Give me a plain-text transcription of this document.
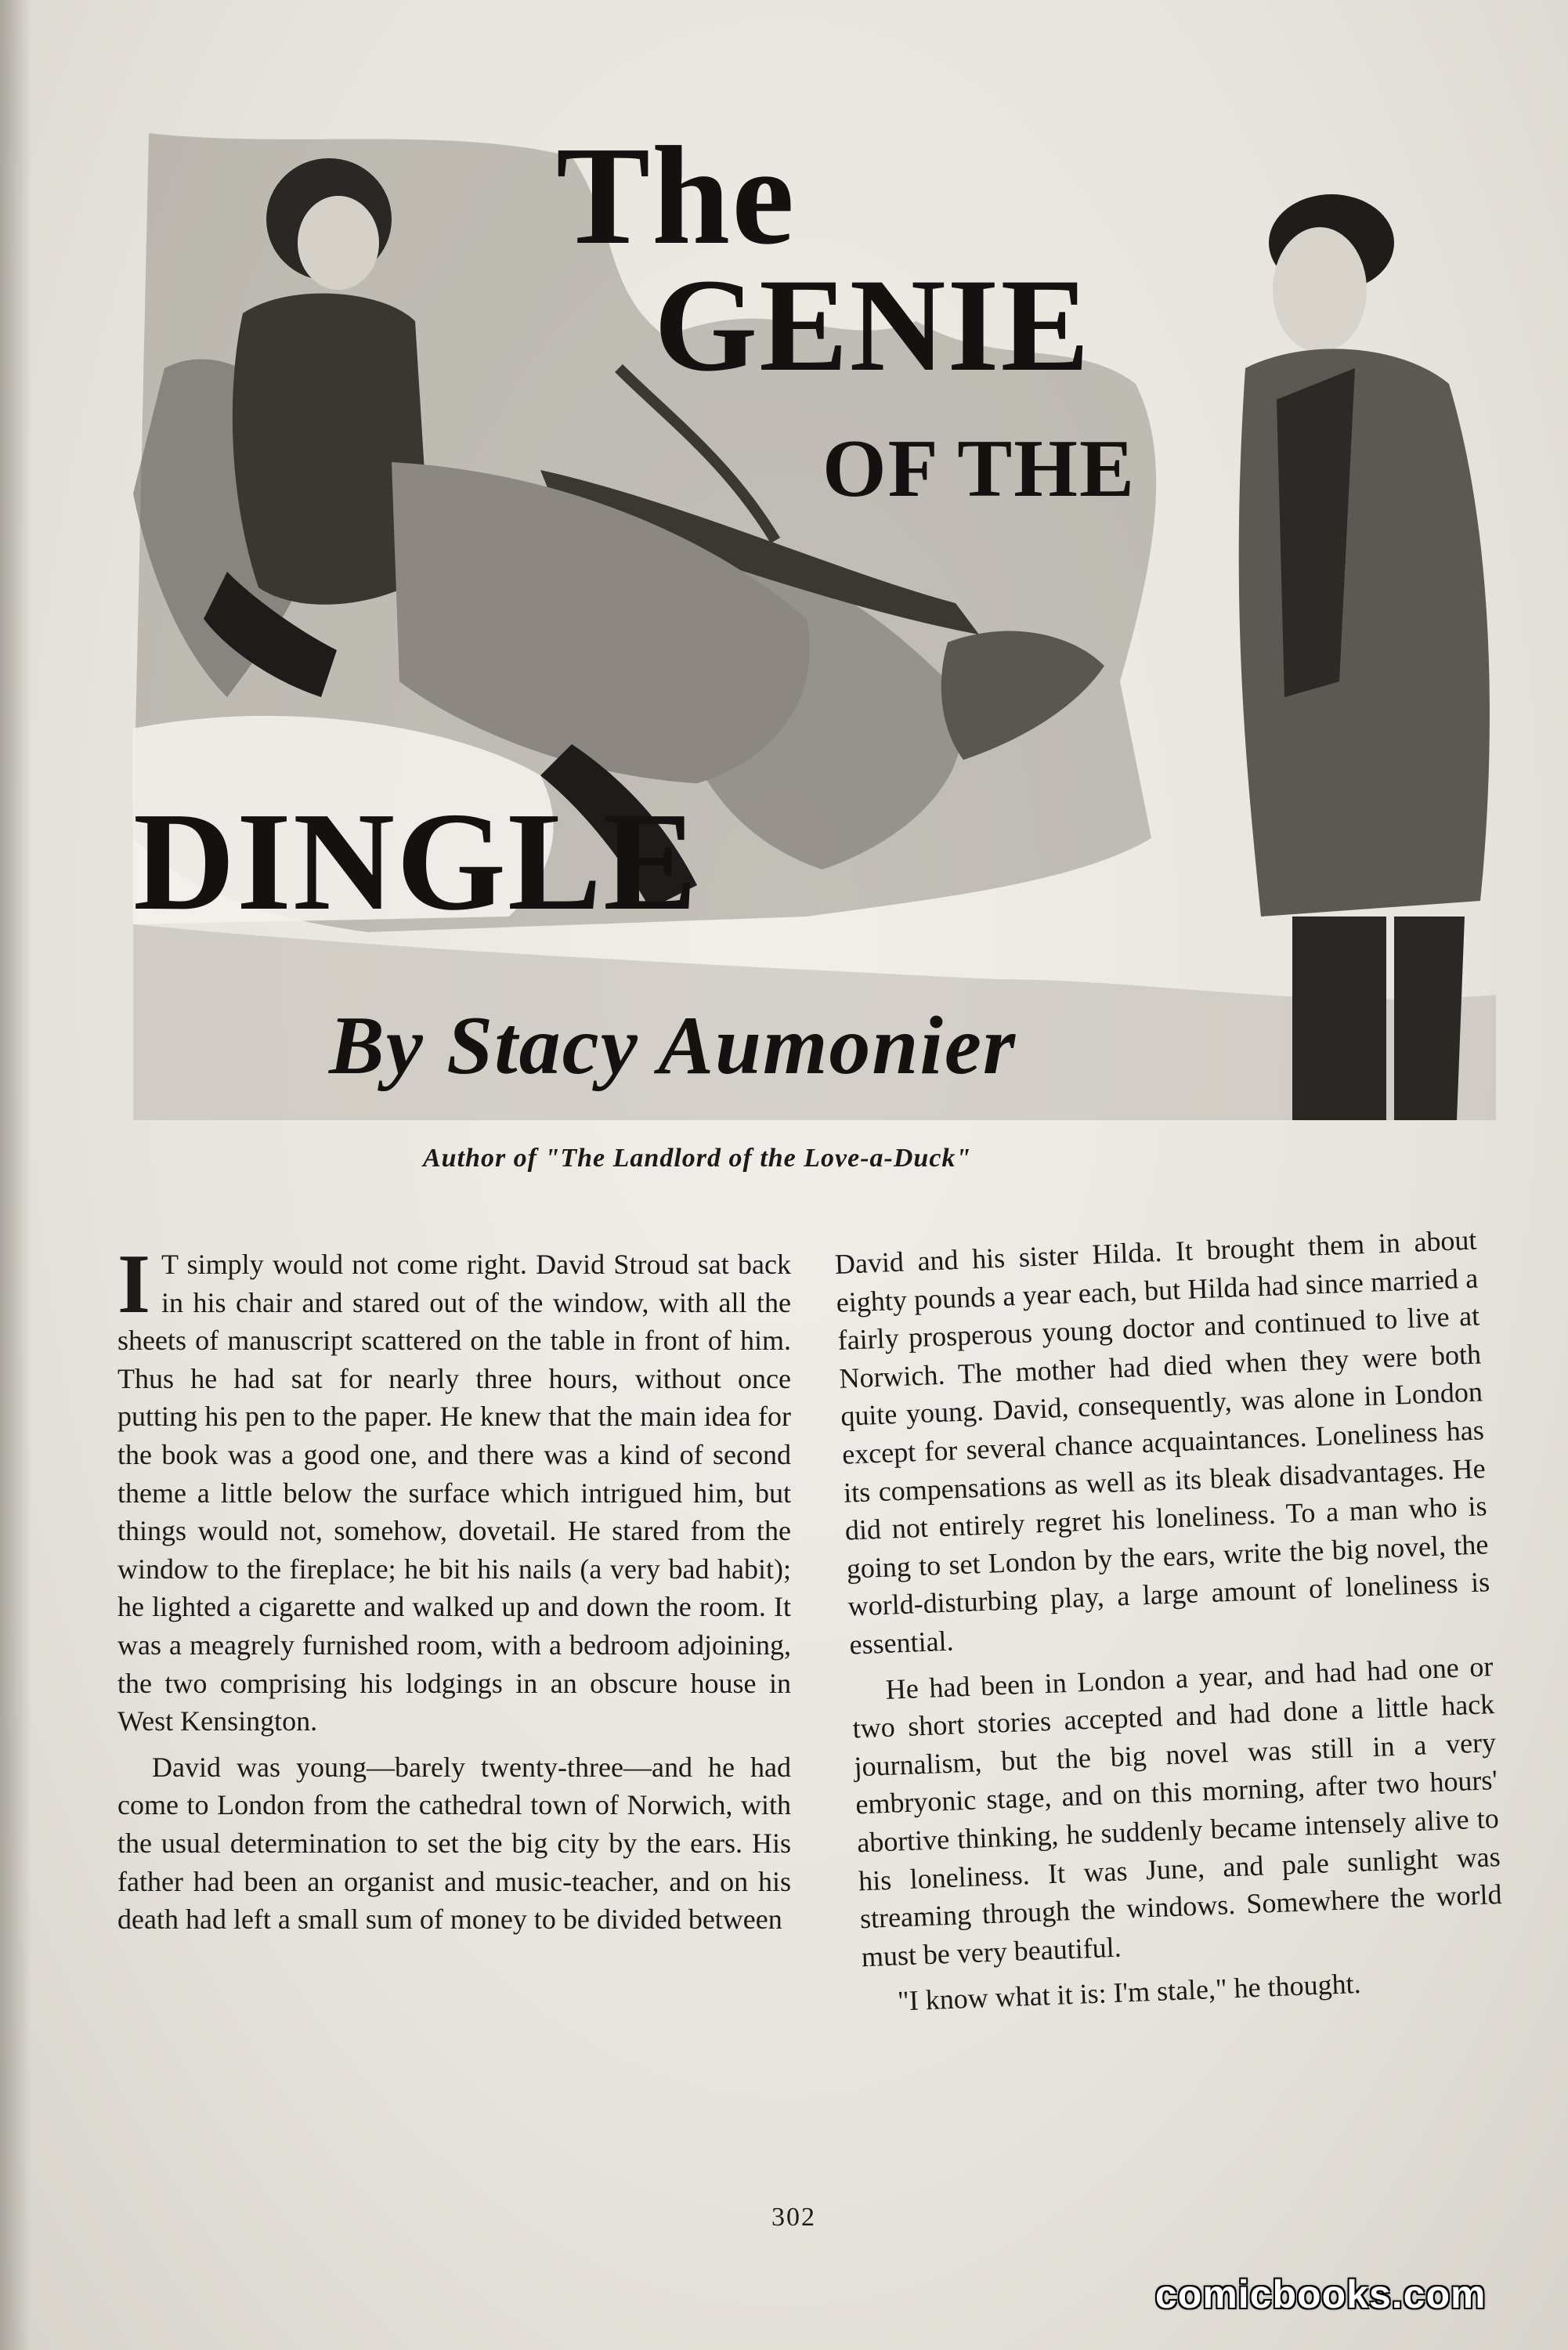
The
GENIE
OF THE
DINGLE
By Stacy Aumonier
Author of "The Landlord of the Love-a-Duck"

I T simply would not come right. David Stroud sat back in his chair and stared out of the window, with all the sheets of manuscript scattered on the table in front of him. Thus he had sat for nearly three hours, without once putting his pen to the paper. He knew that the main idea for the book was a good one, and there was a kind of second theme a little below the surface which intrigued him, but things would not, somehow, dovetail. He stared from the window to the fireplace; he bit his nails (a very bad habit); he lighted a cigarette and walked up and down the room. It was a meagrely furnished room, with a bedroom adjoining, the two comprising his lodgings in an obscure house in West Kensington.

David was young—barely twenty-three—and he had come to London from the cathedral town of Norwich, with the usual determination to set the big city by the ears. His father had been an organist and music-teacher, and on his death had left a small sum of money to be divided between

David and his sister Hilda. It brought them in about eighty pounds a year each, but Hilda had since married a fairly prosperous young doctor and continued to live at Norwich. The mother had died when they were both quite young. David, consequently, was alone in London except for several chance acquaintances. Loneliness has its compensations as well as its bleak disadvantages. He did not entirely regret his loneliness. To a man who is going to set London by the ears, write the big novel, the world-disturbing play, a large amount of loneliness is essential.

He had been in London a year, and had had one or two short stories accepted and had done a little hack journalism, but the big novel was still in a very embryonic stage, and on this morning, after two hours' abortive thinking, he suddenly became intensely alive to his loneliness. It was June, and pale sunlight was streaming through the windows. Somewhere the world must be very beautiful.

"I know what it is: I'm stale," he thought.

302
comicbooks.com
